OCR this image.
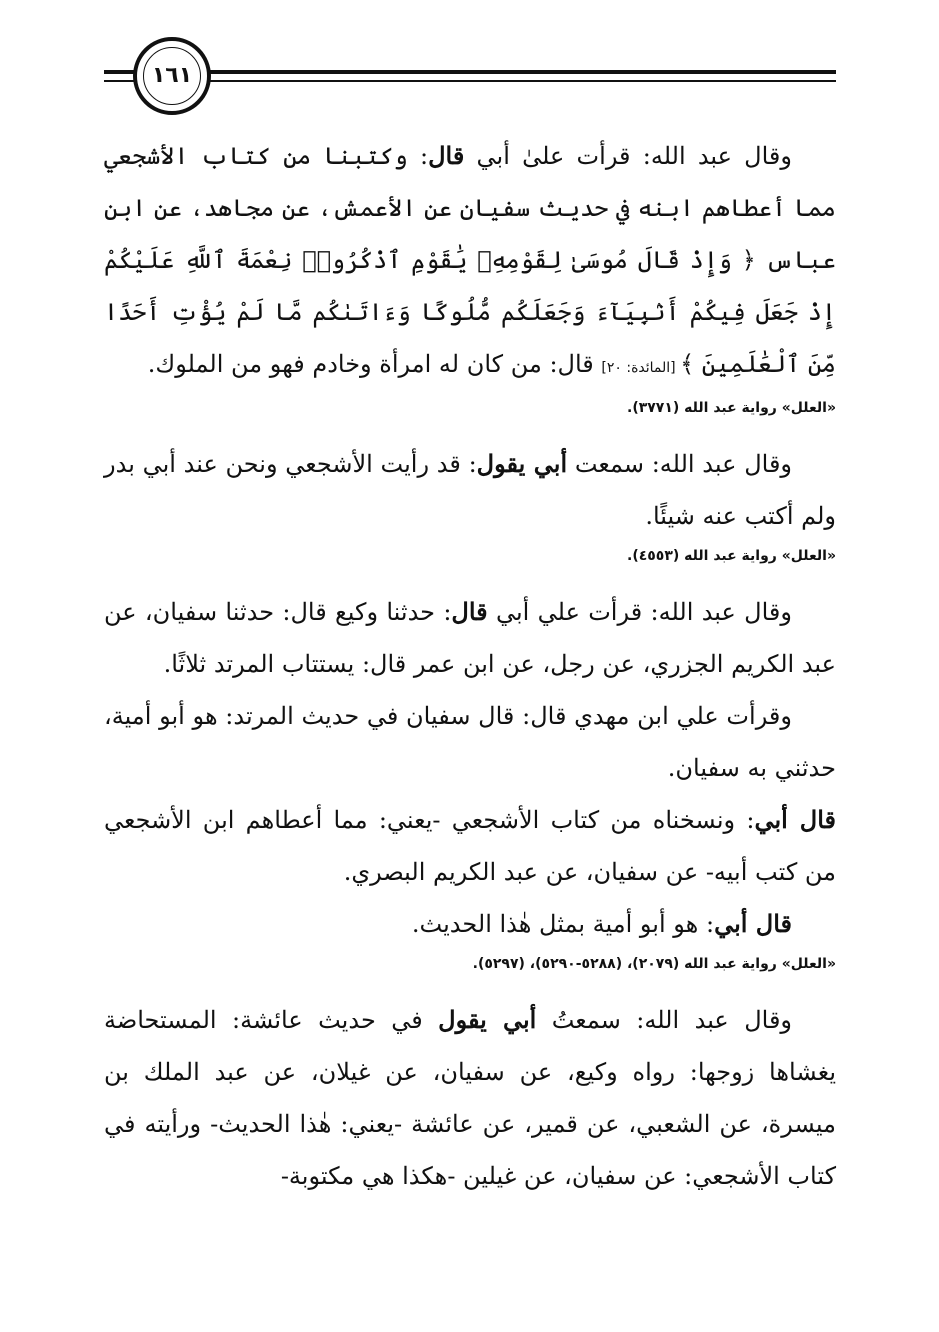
١٦١

وقال عبد الله: قرأت علىٰ أبي قال: وكتبنا من كتاب الأشجعي مما أعطاهم ابنه في حديث سفيان عن الأعمش، عن مجاهد، عن ابن عباس ﴿ وَإِذْ قَالَ مُوسَىٰ لِقَوْمِهِۦ يَٰقَوْمِ ٱذْكُرُوا۟ نِعْمَةَ ٱللَّهِ عَلَيْكُمْ إِذْ جَعَلَ فِيكُمْ أَنۢبِيَآءَ وَجَعَلَكُم مُّلُوكًا وَءَاتَىٰكُم مَّا لَمْ يُؤْتِ أَحَدًا مِّنَ ٱلْعَٰلَمِينَ ﴾ [المائدة: ٢٠] قال: من كان له امرأة وخادم فهو من الملوك.

«العلل» رواية عبد الله (٣٧٧١).

وقال عبد الله: سمعت أبي يقول: قد رأيت الأشجعي ونحن عند أبي بدر ولم أكتب عنه شيئًا.

«العلل» رواية عبد الله (٤٥٥٣).

وقال عبد الله: قرأت علي أبي قال: حدثنا وكيع قال: حدثنا سفيان، عن عبد الكريم الجزري، عن رجل، عن ابن عمر قال: يستتاب المرتد ثلاثًا.

وقرأت علي ابن مهدي قال: قال سفيان في حديث المرتد: هو أبو أمية، حدثني به سفيان.

قال أبي: ونسخناه من كتاب الأشجعي -يعني: مما أعطاهم ابن الأشجعي من كتب أبيه- عن سفيان، عن عبد الكريم البصري.

قال أبي: هو أبو أمية بمثل هٰذا الحديث.

«العلل» رواية عبد الله (٢٠٧٩)، (٥٢٨٨-٥٢٩٠)، (٥٢٩٧).

وقال عبد الله: سمعتُ أبي يقول في حديث عائشة: المستحاضة يغشاها زوجها: رواه وكيع، عن سفيان، عن غيلان، عن عبد الملك بن ميسرة، عن الشعبي، عن قمير، عن عائشة -يعني: هٰذا الحديث- ورأيته في كتاب الأشجعي: عن سفيان، عن غيلين -هكذا هي مكتوبة-
